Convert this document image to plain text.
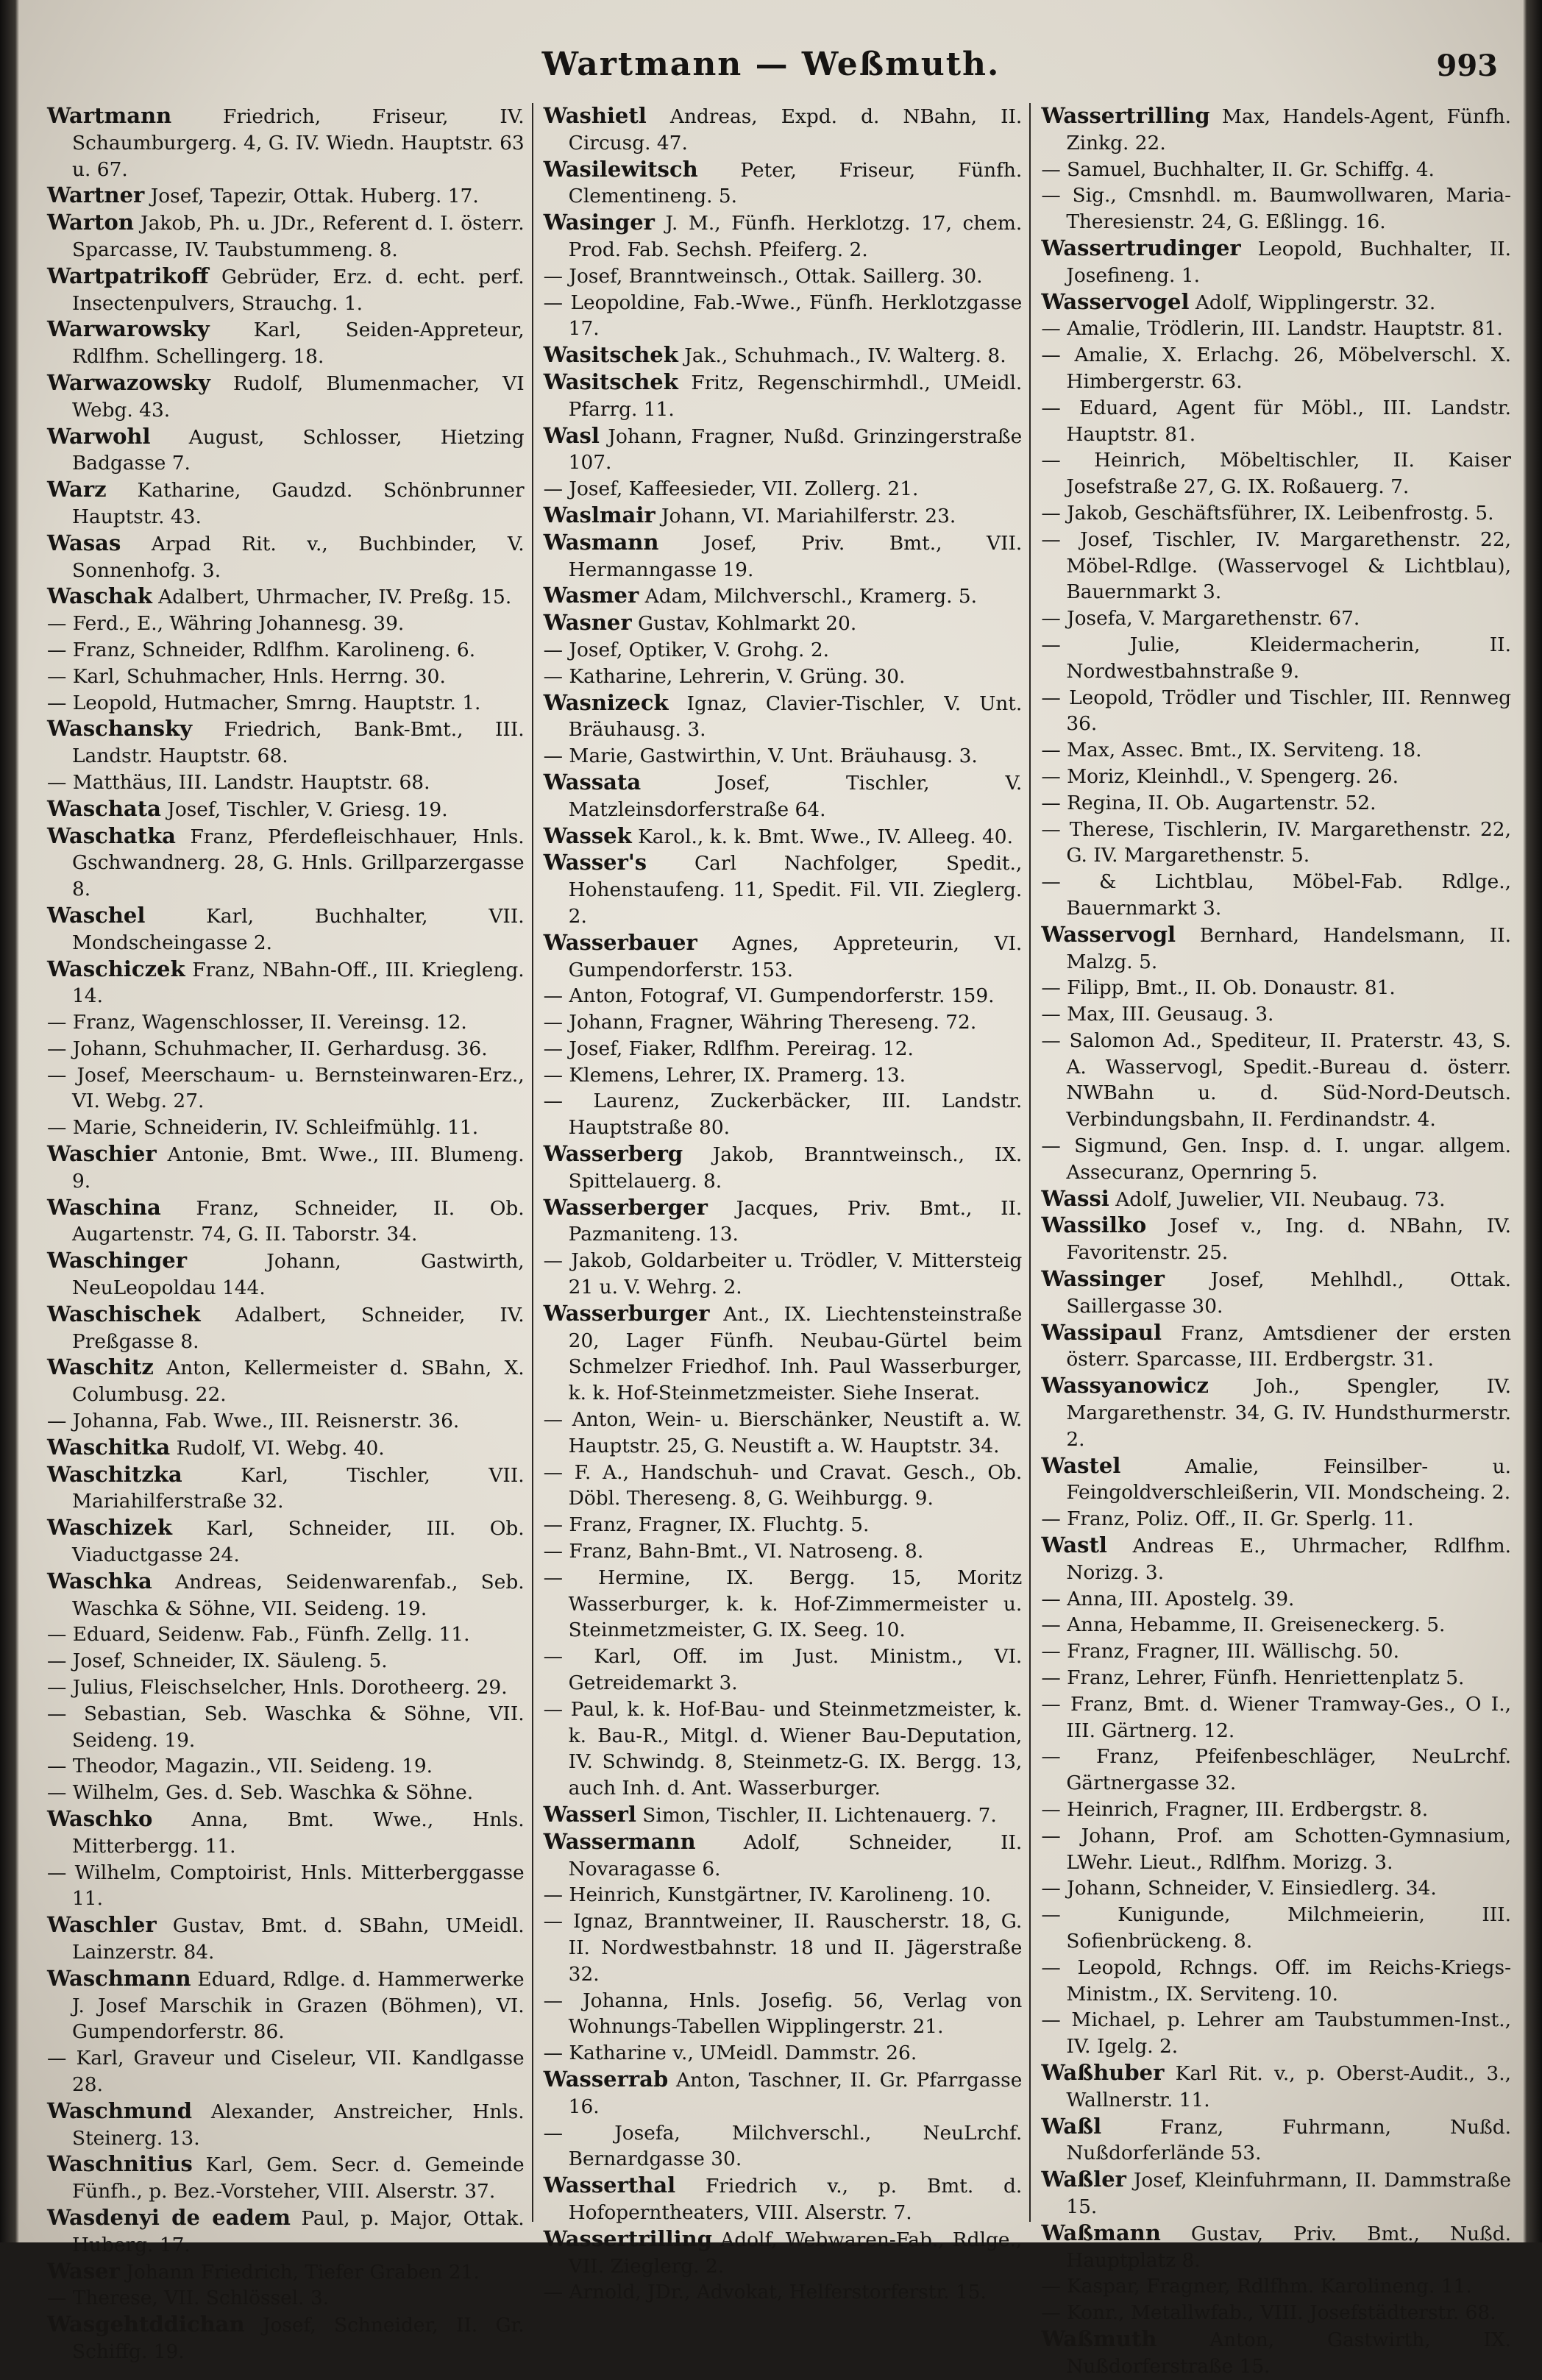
Wartmann — Weßmuth.	993

Wartmann Friedrich, Friseur, IV. Schaumburgerg. 4, G. IV. Wiedn. Hauptstr. 63 u. 67.

Wartner Josef, Tapezir, Ottak. Huberg. 17.

Warton Jakob, Ph. u. JDr., Referent d. I. österr. Sparcasse, IV. Taubstummeng. 8.

Wartpatrikoff Gebrüder, Erz. d. echt. perf. Insectenpulvers, Strauchg. 1.

Warwarowsky Karl, Seiden-Appreteur, Rdlfhm. Schellingerg. 18.

Warwazowsky Rudolf, Blumenmacher, VI Webg. 43.

Warwohl August, Schlosser, Hietzing Badgasse 7.

Warz Katharine, Gaudzd. Schönbrunner Hauptstr. 43.

Wasas Arpad Rit. v., Buchbinder, V. Sonnenhofg. 3.

Waschak Adalbert, Uhrmacher, IV. Preßg. 15.

— Ferd., E., Währing Johannesg. 39.

— Franz, Schneider, Rdlfhm. Karolineng. 6.

— Karl, Schuhmacher, Hnls. Herrng. 30.

— Leopold, Hutmacher, Smrng. Hauptstr. 1.

Waschansky Friedrich, Bank-Bmt., III. Landstr. Hauptstr. 68.

— Matthäus, III. Landstr. Hauptstr. 68.

Waschata Josef, Tischler, V. Griesg. 19.

Waschatka Franz, Pferdefleischhauer, Hnls. Gschwandnerg. 28, G. Hnls. Grillparzergasse 8.

Waschel Karl, Buchhalter, VII. Mondscheingasse 2.

Waschiczek Franz, NBahn-Off., III. Kriegleng. 14.

— Franz, Wagenschlosser, II. Vereinsg. 12.

— Johann, Schuhmacher, II. Gerhardusg. 36.

— Josef, Meerschaum- u. Bernsteinwaren-Erz., VI. Webg. 27.

— Marie, Schneiderin, IV. Schleifmühlg. 11.

Waschier Antonie, Bmt. Wwe., III. Blumeng. 9.

Waschina Franz, Schneider, II. Ob. Augartenstr. 74, G. II. Taborstr. 34.

Waschinger Johann, Gastwirth, NeuLeopoldau 144.

Waschischek Adalbert, Schneider, IV. Preßgasse 8.

Waschitz Anton, Kellermeister d. SBahn, X. Columbusg. 22.

— Johanna, Fab. Wwe., III. Reisnerstr. 36.

Waschitka Rudolf, VI. Webg. 40.

Waschitzka Karl, Tischler, VII. Mariahilferstraße 32.

Waschizek Karl, Schneider, III. Ob. Viaductgasse 24.

Waschka Andreas, Seidenwarenfab., Seb. Waschka & Söhne, VII. Seideng. 19.

— Eduard, Seidenw. Fab., Fünfh. Zellg. 11.

— Josef, Schneider, IX. Säuleng. 5.

— Julius, Fleischselcher, Hnls. Dorotheerg. 29.

— Sebastian, Seb. Waschka & Söhne, VII. Seideng. 19.

— Theodor, Magazin., VII. Seideng. 19.

— Wilhelm, Ges. d. Seb. Waschka & Söhne.

Waschko Anna, Bmt. Wwe., Hnls. Mitterbergg. 11.

— Wilhelm, Comptoirist, Hnls. Mitterberggasse 11.

Waschler Gustav, Bmt. d. SBahn, UMeidl. Lainzerstr. 84.

Waschmann Eduard, Rdlge. d. Hammerwerke J. Josef Marschik in Grazen (Böhmen), VI. Gumpendorferstr. 86.

— Karl, Graveur und Ciseleur, VII. Kandlgasse 28.

Waschmund Alexander, Anstreicher, Hnls. Steinerg. 13.

Waschnitius Karl, Gem. Secr. d. Gemeinde Fünfh., p. Bez.-Vorsteher, VIII. Alserstr. 37.

Wasdenyi de eadem Paul, p. Major, Ottak. Huberg. 17.

Waser Johann Friedrich, Tiefer Graben 21.

— Therese, VII. Schlössel. 3.

Wasgehtddichan Josef, Schneider, II. Gr. Schiffg. 19.

Washietl Andreas, Expd. d. NBahn, II. Circusg. 47.

Wasilewitsch Peter, Friseur, Fünfh. Clementineng. 5.

Wasinger J. M., Fünfh. Herklotzg. 17, chem. Prod. Fab. Sechsh. Pfeiferg. 2.

— Josef, Branntweinsch., Ottak. Saillerg. 30.

— Leopoldine, Fab.-Wwe., Fünfh. Herklotzgasse 17.

Wasitschek Jak., Schuhmach., IV. Walterg. 8.

Wasitschek Fritz, Regenschirmhdl., UMeidl. Pfarrg. 11.

Wasl Johann, Fragner, Nußd. Grinzingerstraße 107.

— Josef, Kaffeesieder, VII. Zollerg. 21.

Waslmair Johann, VI. Mariahilferstr. 23.

Wasmann Josef, Priv. Bmt., VII. Hermanngasse 19.

Wasmer Adam, Milchverschl., Kramerg. 5.

Wasner Gustav, Kohlmarkt 20.

— Josef, Optiker, V. Grohg. 2.

— Katharine, Lehrerin, V. Grüng. 30.

Wasnizeck Ignaz, Clavier-Tischler, V. Unt. Bräuhausg. 3.

— Marie, Gastwirthin, V. Unt. Bräuhausg. 3.

Wassata Josef, Tischler, V. Matzleinsdorferstraße 64.

Wassek Karol., k. k. Bmt. Wwe., IV. Alleeg. 40.

Wasser's Carl Nachfolger, Spedit., Hohenstaufeng. 11, Spedit. Fil. VII. Zieglerg. 2.

Wasserbauer Agnes, Appreteurin, VI. Gumpendorferstr. 153.

— Anton, Fotograf, VI. Gumpendorferstr. 159.

— Johann, Fragner, Währing Thereseng. 72.

— Josef, Fiaker, Rdlfhm. Pereirag. 12.

— Klemens, Lehrer, IX. Pramerg. 13.

— Laurenz, Zuckerbäcker, III. Landstr. Hauptstraße 80.

Wasserberg Jakob, Branntweinsch., IX. Spittelauerg. 8.

Wasserberger Jacques, Priv. Bmt., II. Pazmaniteng. 13.

— Jakob, Goldarbeiter u. Trödler, V. Mittersteig 21 u. V. Wehrg. 2.

Wasserburger Ant., IX. Liechtensteinstraße 20, Lager Fünfh. Neubau-Gürtel beim Schmelzer Friedhof. Inh. Paul Wasserburger, k. k. Hof-Steinmetzmeister. Siehe Inserat.

— Anton, Wein- u. Bierschänker, Neustift a. W. Hauptstr. 25, G. Neustift a. W. Hauptstr. 34.

— F. A., Handschuh- und Cravat. Gesch., Ob. Döbl. Thereseng. 8, G. Weihburgg. 9.

— Franz, Fragner, IX. Fluchtg. 5.

— Franz, Bahn-Bmt., VI. Natroseng. 8.

— Hermine, IX. Bergg. 15, Moritz Wasserburger, k. k. Hof-Zimmermeister u. Steinmetzmeister, G. IX. Seeg. 10.

— Karl, Off. im Just. Ministm., VI. Getreidemarkt 3.

— Paul, k. k. Hof-Bau- und Steinmetzmeister, k. k. Bau-R., Mitgl. d. Wiener Bau-Deputation, IV. Schwindg. 8, Steinmetz-G. IX. Bergg. 13, auch Inh. d. Ant. Wasserburger.

Wasserl Simon, Tischler, II. Lichtenauerg. 7.

Wassermann Adolf, Schneider, II. Novaragasse 6.

— Heinrich, Kunstgärtner, IV. Karolineng. 10.

— Ignaz, Branntweiner, II. Rauscherstr. 18, G. II. Nordwestbahnstr. 18 und II. Jägerstraße 32.

— Johanna, Hnls. Josefig. 56, Verlag von Wohnungs-Tabellen Wipplingerstr. 21.

— Katharine v., UMeidl. Dammstr. 26.

Wasserrab Anton, Taschner, II. Gr. Pfarrgasse 16.

— Josefa, Milchverschl., NeuLrchf. Bernardgasse 30.

Wasserthal Friedrich v., p. Bmt. d. Hofoperntheaters, VIII. Alserstr. 7.

Wassertrilling Adolf, Webwaren-Fab., Rdlge., VII. Zieglerg. 2.

— Arnold, JDr., Advokat, Helferstorferstr. 15.

Wassertrilling Max, Handels-Agent, Fünfh. Zinkg. 22.

— Samuel, Buchhalter, II. Gr. Schiffg. 4.

— Sig., Cmsnhdl. m. Baumwollwaren, Maria-Theresienstr. 24, G. Eßlingg. 16.

Wassertrudinger Leopold, Buchhalter, II. Josefineng. 1.

Wasservogel Adolf, Wipplingerstr. 32.

— Amalie, Trödlerin, III. Landstr. Hauptstr. 81.

— Amalie, X. Erlachg. 26, Möbelverschl. X. Himbergerstr. 63.

— Eduard, Agent für Möbl., III. Landstr. Hauptstr. 81.

— Heinrich, Möbeltischler, II. Kaiser Josefstraße 27, G. IX. Roßauerg. 7.

— Jakob, Geschäftsführer, IX. Leibenfrostg. 5.

— Josef, Tischler, IV. Margarethenstr. 22, Möbel-Rdlge. (Wasservogel & Lichtblau), Bauernmarkt 3.

— Josefa, V. Margarethenstr. 67.

— Julie, Kleidermacherin, II. Nordwestbahnstraße 9.

— Leopold, Trödler und Tischler, III. Rennweg 36.

— Max, Assec. Bmt., IX. Serviteng. 18.

— Moriz, Kleinhdl., V. Spengerg. 26.

— Regina, II. Ob. Augartenstr. 52.

— Therese, Tischlerin, IV. Margarethenstr. 22, G. IV. Margarethenstr. 5.

— & Lichtblau, Möbel-Fab. Rdlge., Bauernmarkt 3.

Wasservogl Bernhard, Handelsmann, II. Malzg. 5.

— Filipp, Bmt., II. Ob. Donaustr. 81.

— Max, III. Geusaug. 3.

— Salomon Ad., Spediteur, II. Praterstr. 43, S. A. Wasservogl, Spedit.-Bureau d. österr. NWBahn u. d. Süd-Nord-Deutsch. Verbindungsbahn, II. Ferdinandstr. 4.

— Sigmund, Gen. Insp. d. I. ungar. allgem. Assecuranz, Opernring 5.

Wassi Adolf, Juwelier, VII. Neubaug. 73.

Wassilko Josef v., Ing. d. NBahn, IV. Favoritenstr. 25.

Wassinger Josef, Mehlhdl., Ottak. Saillergasse 30.

Wassipaul Franz, Amtsdiener der ersten österr. Sparcasse, III. Erdbergstr. 31.

Wassyanowicz Joh., Spengler, IV. Margarethenstr. 34, G. IV. Hundsthurmerstr. 2.

Wastel Amalie, Feinsilber- u. Feingoldverschleißerin, VII. Mondscheing. 2.

— Franz, Poliz. Off., II. Gr. Sperlg. 11.

Wastl Andreas E., Uhrmacher, Rdlfhm. Norizg. 3.

— Anna, III. Apostelg. 39.

— Anna, Hebamme, II. Greiseneckerg. 5.

— Franz, Fragner, III. Wällischg. 50.

— Franz, Lehrer, Fünfh. Henriettenplatz 5.

— Franz, Bmt. d. Wiener Tramway-Ges., O I., III. Gärtnerg. 12.

— Franz, Pfeifenbeschläger, NeuLrchf. Gärtnergasse 32.

— Heinrich, Fragner, III. Erdbergstr. 8.

— Johann, Prof. am Schotten-Gymnasium, LWehr. Lieut., Rdlfhm. Morizg. 3.

— Johann, Schneider, V. Einsiedlerg. 34.

— Kunigunde, Milchmeierin, III. Sofienbrückeng. 8.

— Leopold, Rchngs. Off. im Reichs-Kriegs-Ministm., IX. Serviteng. 10.

— Michael, p. Lehrer am Taubstummen-Inst., IV. Igelg. 2.

Waßhuber Karl Rit. v., p. Oberst-Audit., 3., Wallnerstr. 11.

Waßl Franz, Fuhrmann, Nußd. Nußdorferlände 53.

Waßler Josef, Kleinfuhrmann, II. Dammstraße 15.

Waßmann Gustav, Priv. Bmt., Nußd. Hauptplatz 8.

— Kaspar, Fragner, Rdlfhm. Karolineng. 11.

— Konr., Metallwfab., VIII. Josefstädterstr. 68.

Waßmuth Anton, Gastwirth, IX. Nußdorferstraße 15.
